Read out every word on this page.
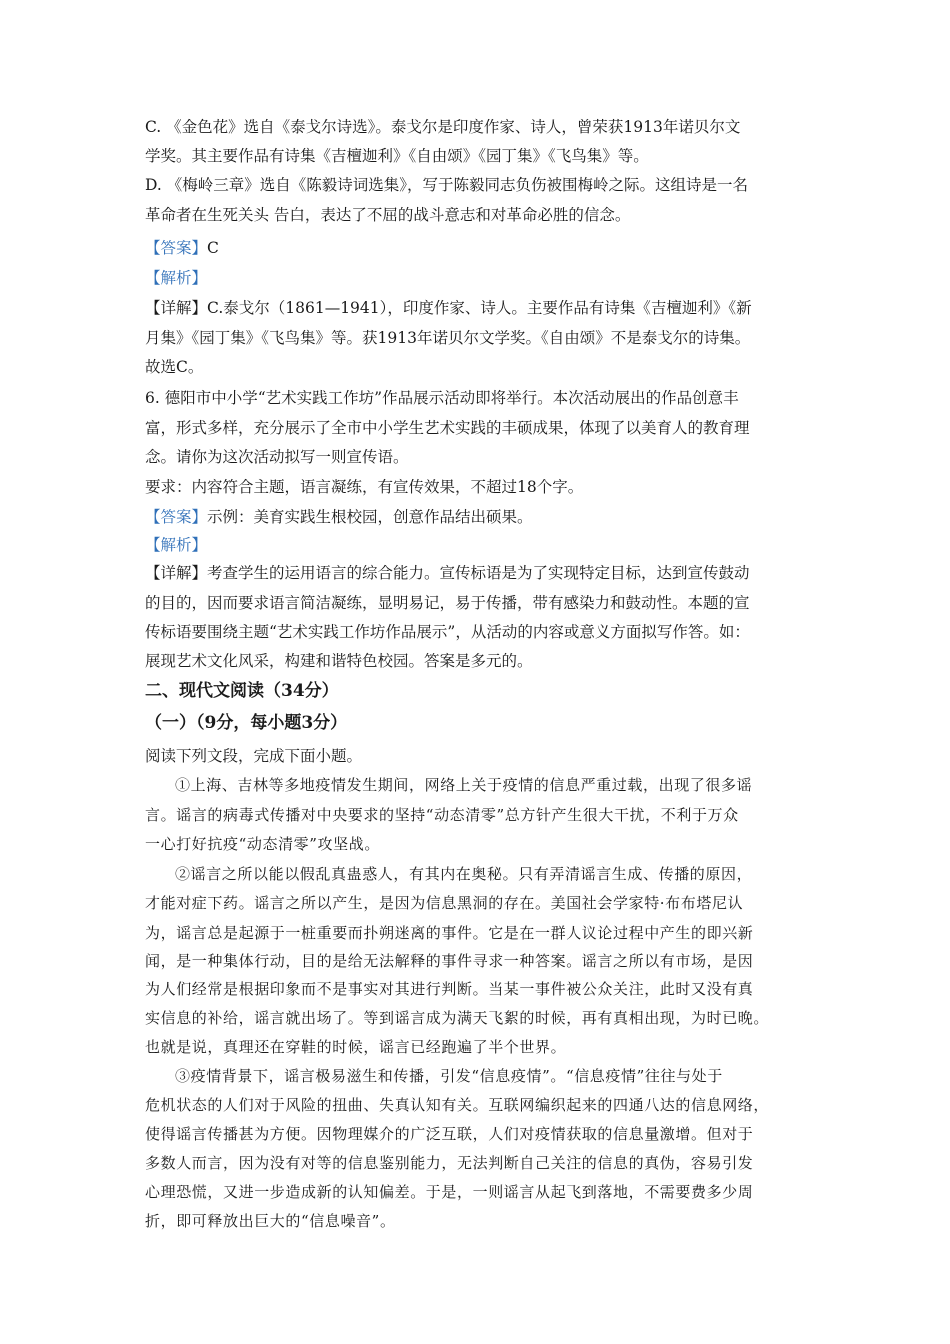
C. 《金色花》选自《泰戈尔诗选》。泰戈尔是印度作家、诗人，曾荣获1913年诺贝尔文
学奖。其主要作品有诗集《吉檀迦利》《自由颂》《园丁集》《飞鸟集》等。
D. 《梅岭三章》选自《陈毅诗词选集》，写于陈毅同志负伤被围梅岭之际。这组诗是一名
革命者在生死关头 告白，表达了不屈的战斗意志和对革命必胜的信念。
【答案】C
【解析】
【详解】C.泰戈尔（1861—1941），印度作家、诗人。主要作品有诗集《吉檀迦利》《新
月集》《园丁集》《飞鸟集》等。获1913年诺贝尔文学奖。《自由颂》不是泰戈尔的诗集。
故选C。
6. 德阳市中小学“艺术实践工作坊”作品展示活动即将举行。本次活动展出的作品创意丰
富，形式多样，充分展示了全市中小学生艺术实践的丰硕成果，体现了以美育人的教育理
念。请你为这次活动拟写一则宣传语。
要求：内容符合主题，语言凝练，有宣传效果，不超过18个字。
【答案】示例：美育实践生根校园，创意作品结出硕果。
【解析】
【详解】考查学生的运用语言的综合能力。宣传标语是为了实现特定目标，达到宣传鼓动
的目的，因而要求语言简洁凝练，显明易记，易于传播，带有感染力和鼓动性。本题的宣
传标语要围绕主题“艺术实践工作坊作品展示”，从活动的内容或意义方面拟写作答。如：
展现艺术文化风采，构建和谐特色校园。答案是多元的。
二、现代文阅读（34分）
（一）（9分，每小题3分）
阅读下列文段，完成下面小题。
①上海、吉林等多地疫情发生期间，网络上关于疫情的信息严重过载，出现了很多谣
言。谣言的病毒式传播对中央要求的坚持“动态清零”总方针产生很大干扰，不利于万众
一心打好抗疫“动态清零”攻坚战。
②谣言之所以能以假乱真蛊惑人，有其内在奥秘。只有弄清谣言生成、传播的原因，
才能对症下药。谣言之所以产生，是因为信息黑洞的存在。美国社会学家特·布布塔尼认
为，谣言总是起源于一桩重要而扑朔迷离的事件。它是在一群人议论过程中产生的即兴新
闻，是一种集体行动，目的是给无法解释的事件寻求一种答案。谣言之所以有市场，是因
为人们经常是根据印象而不是事实对其进行判断。当某一事件被公众关注，此时又没有真
实信息的补给，谣言就出场了。等到谣言成为满天飞絮的时候，再有真相出现，为时已晚。
也就是说，真理还在穿鞋的时候，谣言已经跑遍了半个世界。
③疫情背景下，谣言极易滋生和传播，引发“信息疫情”。“信息疫情”往往与处于
危机状态的人们对于风险的扭曲、失真认知有关。互联网编织起来的四通八达的信息网络，
使得谣言传播甚为方便。因物理媒介的广泛互联，人们对疫情获取的信息量激增。但对于
多数人而言，因为没有对等的信息鉴别能力，无法判断自己关注的信息的真伪，容易引发
心理恐慌，又进一步造成新的认知偏差。于是，一则谣言从起飞到落地，不需要费多少周
折，即可释放出巨大的“信息噪音”。
